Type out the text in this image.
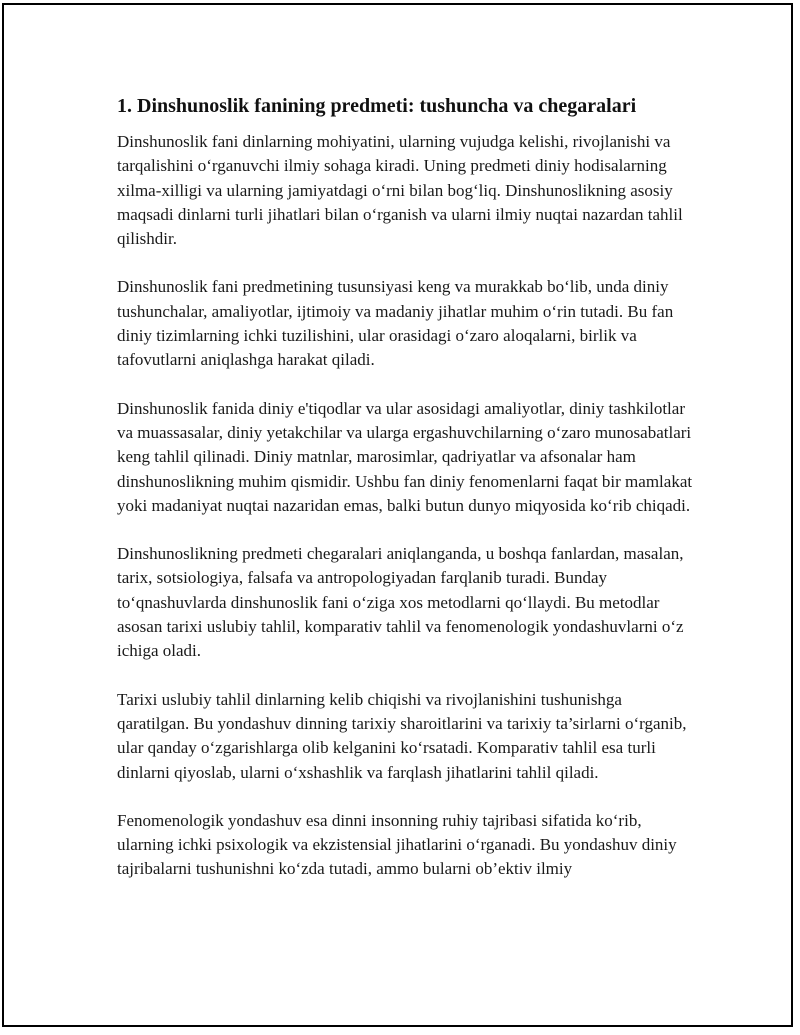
1. Dinshunoslik fanining predmeti: tushuncha va chegaralari

Dinshunoslik fani dinlarning mohiyatini, ularning vujudga kelishi, rivojlanishi va tarqalishini o‘rganuvchi ilmiy sohaga kiradi. Uning predmeti diniy hodisalarning xilma-xilligi va ularning jamiyatdagi o‘rni bilan bog‘liq. Dinshunoslikning asosiy maqsadi dinlarni turli jihatlari bilan o‘rganish va ularni ilmiy nuqtai nazardan tahlil qilishdir.

Dinshunoslik fani predmetining tusunsiyasi keng va murakkab bo‘lib, unda diniy tushunchalar, amaliyotlar, ijtimoiy va madaniy jihatlar muhim o‘rin tutadi. Bu fan diniy tizimlarning ichki tuzilishini, ular orasidagi o‘zaro aloqalarni, birlik va tafovutlarni aniqlashga harakat qiladi.

Dinshunoslik fanida diniy e'tiqodlar va ular asosidagi amaliyotlar, diniy tashkilotlar va muassasalar, diniy yetakchilar va ularga ergashuvchilarning o‘zaro munosabatlari keng tahlil qilinadi. Diniy matnlar, marosimlar, qadriyatlar va afsonalar ham dinshunoslikning muhim qismidir. Ushbu fan diniy fenomenlarni faqat bir mamlakat yoki madaniyat nuqtai nazaridan emas, balki butun dunyo miqyosida ko‘rib chiqadi.

Dinshunoslikning predmeti chegaralari aniqlanganda, u boshqa fanlardan, masalan, tarix, sotsiologiya, falsafa va antropologiyadan farqlanib turadi. Bunday to‘qnashuvlarda dinshunoslik fani o‘ziga xos metodlarni qo‘llaydi. Bu metodlar asosan tarixi uslubiy tahlil, komparativ tahlil va fenomenologik yondashuvlarni o‘z ichiga oladi.

Tarixi uslubiy tahlil dinlarning kelib chiqishi va rivojlanishini tushunishga qaratilgan. Bu yondashuv dinning tarixiy sharoitlarini va tarixiy ta’sirlarni o‘rganib, ular qanday o‘zgarishlarga olib kelganini ko‘rsatadi. Komparativ tahlil esa turli dinlarni qiyoslab, ularni o‘xshashlik va farqlash jihatlarini tahlil qiladi.

Fenomenologik yondashuv esa dinni insonning ruhiy tajribasi sifatida ko‘rib, ularning ichki psixologik va ekzistensial jihatlarini o‘rganadi. Bu yondashuv diniy tajribalarni tushunishni ko‘zda tutadi, ammo bularni ob’ektiv ilmiy
